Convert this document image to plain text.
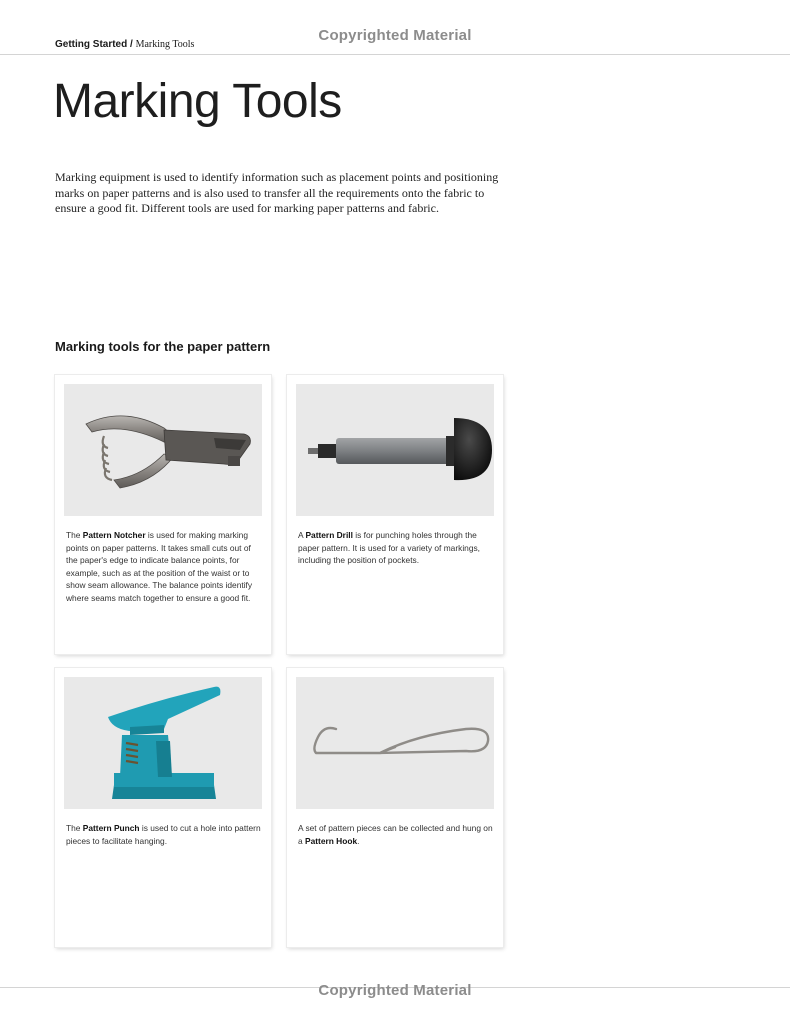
Copyrighted Material
Getting Started / Marking Tools
Marking Tools

Marking equipment is used to identify information such as placement points and positioning marks on paper patterns and is also used to transfer all the requirements onto the fabric to ensure a good fit. Different tools are used for marking paper patterns and fabric.

Marking tools for the paper pattern

The Pattern Notcher is used for making marking points on paper patterns. It takes small cuts out of the paper's edge to indicate balance points, for example, such as at the position of the waist or to show seam allowance. The balance points identify where seams match together to ensure a good fit.

A Pattern Drill is for punching holes through the paper pattern. It is used for a variety of markings, including the position of pockets.

The Pattern Punch is used to cut a hole into pattern pieces to facilitate hanging.

A set of pattern pieces can be collected and hung on a Pattern Hook.

Copyrighted Material
